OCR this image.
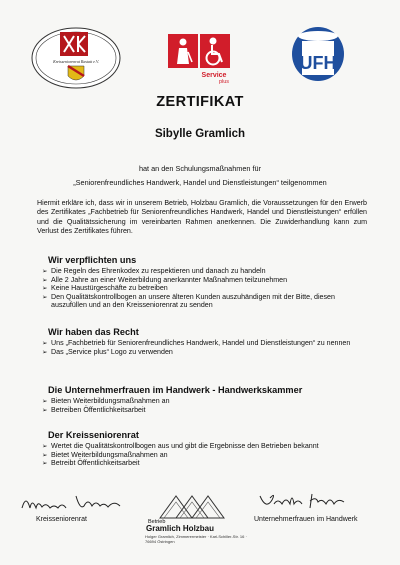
Kreisseniorenrat Rastatt e.V.
Service
plus
UFH
ZERTIFIKAT
Sibylle Gramlich
hat an den Schulungsmaßnahmen für
„Seniorenfreundliches Handwerk, Handel und Dienstleistungen“ teilgenommen
Hiermit erkläre ich, dass wir in unserem Betrieb, Holzbau Gramlich, die Voraussetzungen für den Erwerb des Zertifikates „Fachbetrieb für Seniorenfreundliches Handwerk, Handel und Dienstleistungen“ erfüllen und die Qualitätssicherung im vereinbarten Rahmen anerkennen. Die Zuwiderhandlung kann zum Verlust des Zertifikates führen.
Wir verpflichten uns
➢ Die Regeln des Ehrenkodex zu respektieren und danach zu handeln
➢ Alle 2 Jahre an einer Weiterbildung anerkannter Maßnahmen teilzunehmen
➢ Keine Haustürgeschäfte zu betreiben
➢ Den Qualitätskontrollbogen an unsere älteren Kunden auszuhändigen mit der Bitte, diesen auszufüllen und an den Kreisseniorenrat zu senden
Wir haben das Recht
➢ Uns „Fachbetrieb für Seniorenfreundliches Handwerk, Handel und Dienstleistungen“ zu nennen
➢ Das „Service plus“ Logo zu verwenden
Die Unternehmerfrauen im Handwerk - Handwerkskammer
➢ Bieten Weiterbildungsmaßnahmen an
➢ Betreiben Öffentlichkeitsarbeit
Der Kreisseniorenrat
➢ Wertet die Qualitätskontrollbogen aus und gibt die Ergebnisse den Betrieben bekannt
➢ Bietet Weiterbildungsmaßnahmen an
➢ Betreibt Öffentlichkeitsarbeit
Kreisseniorenrat	Unternehmerfrauen im Handwerk
Betrieb
Gramlich Holzbau
Holger Gramlich, Zimmerermeister · Karl-Schiller-Str. 16 · 76694 Östringen
